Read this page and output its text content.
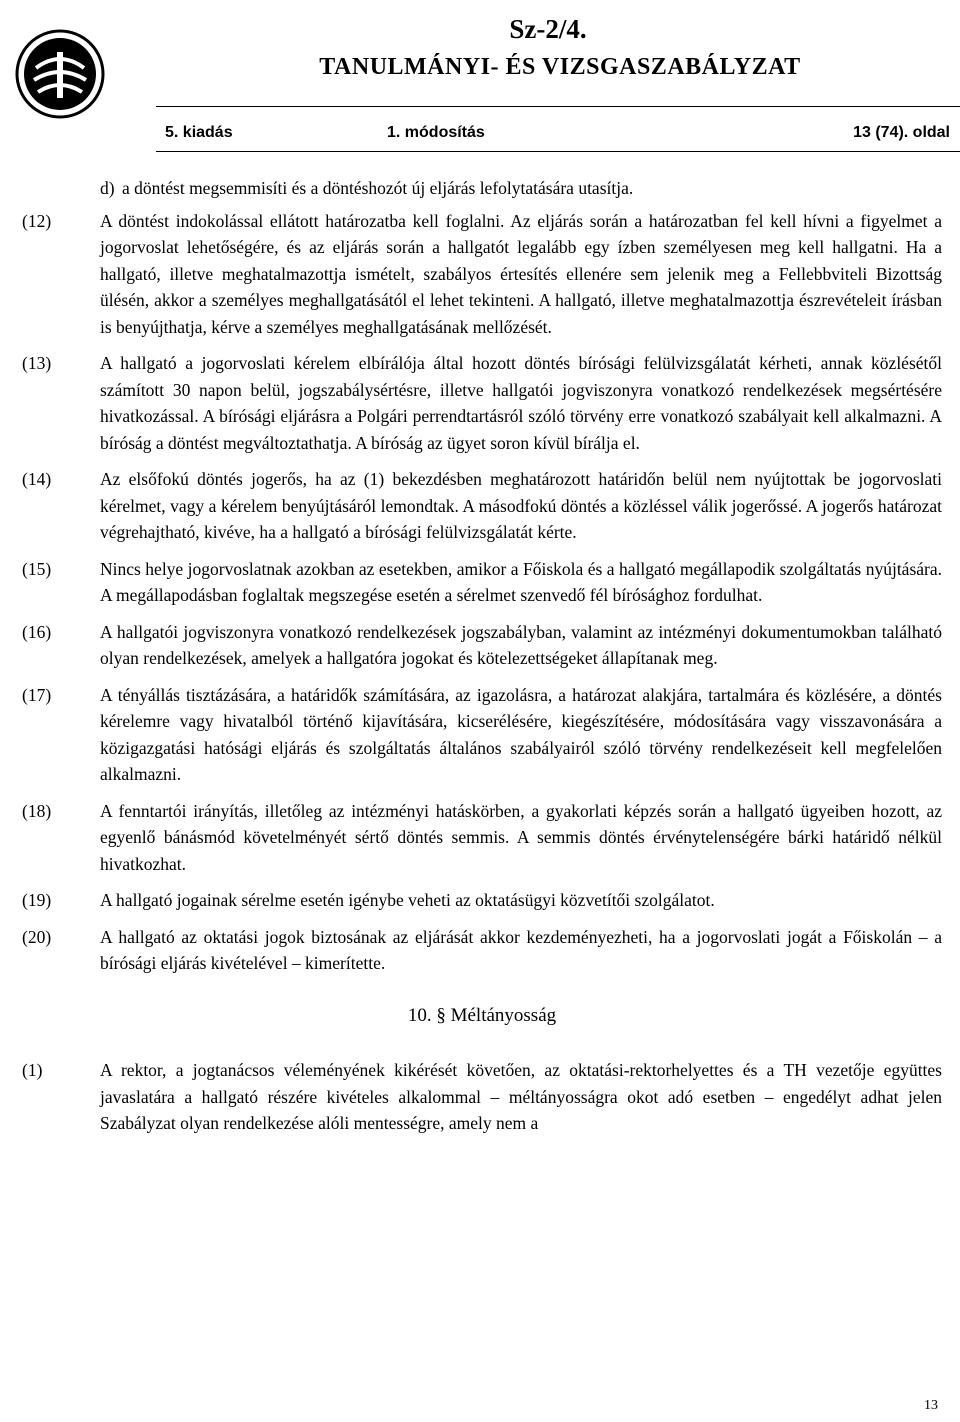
Sz-2/4.
TANULMÁNYI- ÉS VIZSGASZABÁLYZAT
5. kiadás	1. módosítás	13 (74). oldal
d) a döntést megsemmisíti és a döntéshozót új eljárás lefolytatására utasítja.
(12)	A döntést indokolással ellátott határozatba kell foglalni. Az eljárás során a határozatban fel kell hívni a figyelmet a jogorvoslat lehetőségére, és az eljárás során a hallgatót legalább egy ízben személyesen meg kell hallgatni. Ha a hallgató, illetve meghatalmazottja ismételt, szabályos értesítés ellenére sem jelenik meg a Fellebbviteli Bizottság ülésén, akkor a személyes meghallgatásától el lehet tekinteni. A hallgató, illetve meghatalmazottja észrevételeit írásban is benyújthatja, kérve a személyes meghallgatásának mellőzését.
(13)	A hallgató a jogorvoslati kérelem elbírálója által hozott döntés bírósági felülvizsgálatát kérheti, annak közlésétől számított 30 napon belül, jogszabálysértésre, illetve hallgatói jogviszonyra vonatkozó rendelkezések megsértésére hivatkozással. A bírósági eljárásra a Polgári perrendtartásról szóló törvény erre vonatkozó szabályait kell alkalmazni. A bíróság a döntést megváltoztathatja. A bíróság az ügyet soron kívül bírálja el.
(14)	Az elsőfokú döntés jogerős, ha az (1) bekezdésben meghatározott határidőn belül nem nyújtottak be jogorvoslati kérelmet, vagy a kérelem benyújtásáról lemondtak. A másodfokú döntés a közléssel válik jogerőssé. A jogerős határozat végrehajtható, kivéve, ha a hallgató a bírósági felülvizsgálatát kérte.
(15)	Nincs helye jogorvoslatnak azokban az esetekben, amikor a Főiskola és a hallgató megállapodik szolgáltatás nyújtására. A megállapodásban foglaltak megszegése esetén a sérelmet szenvedő fél bírósághoz fordulhat.
(16)	A hallgatói jogviszonyra vonatkozó rendelkezések jogszabályban, valamint az intézményi dokumentumokban található olyan rendelkezések, amelyek a hallgatóra jogokat és kötelezettségeket állapítanak meg.
(17)	A tényállás tisztázására, a határidők számítására, az igazolásra, a határozat alakjára, tartalmára és közlésére, a döntés kérelemre vagy hivatalból történő kijavítására, kicserélésére, kiegészítésére, módosítására vagy visszavonására a közigazgatási hatósági eljárás és szolgáltatás általános szabályairól szóló törvény rendelkezéseit kell megfelelően alkalmazni.
(18)	A fenntartói irányítás, illetőleg az intézményi hatáskörben, a gyakorlati képzés során a hallgató ügyeiben hozott, az egyenlő bánásmód követelményét sértő döntés semmis. A semmis döntés érvénytelenségére bárki határidő nélkül hivatkozhat.
(19)	A hallgató jogainak sérelme esetén igénybe veheti az oktatásügyi közvetítői szolgálatot.
(20)	A hallgató az oktatási jogok biztosának az eljárását akkor kezdeményezheti, ha a jogorvoslati jogát a Főiskolán – a bírósági eljárás kivételével – kimerítette.
10. § Méltányosság
(1)	A rektor, a jogtanácsos véleményének kikérését követően, az oktatási-rektorhelyettes és a TH vezetője együttes javaslatára a hallgató részére kivételes alkalommal – méltányosságra okot adó esetben – engedélyt adhat jelen Szabályzat olyan rendelkezése alóli mentességre, amely nem a
13
